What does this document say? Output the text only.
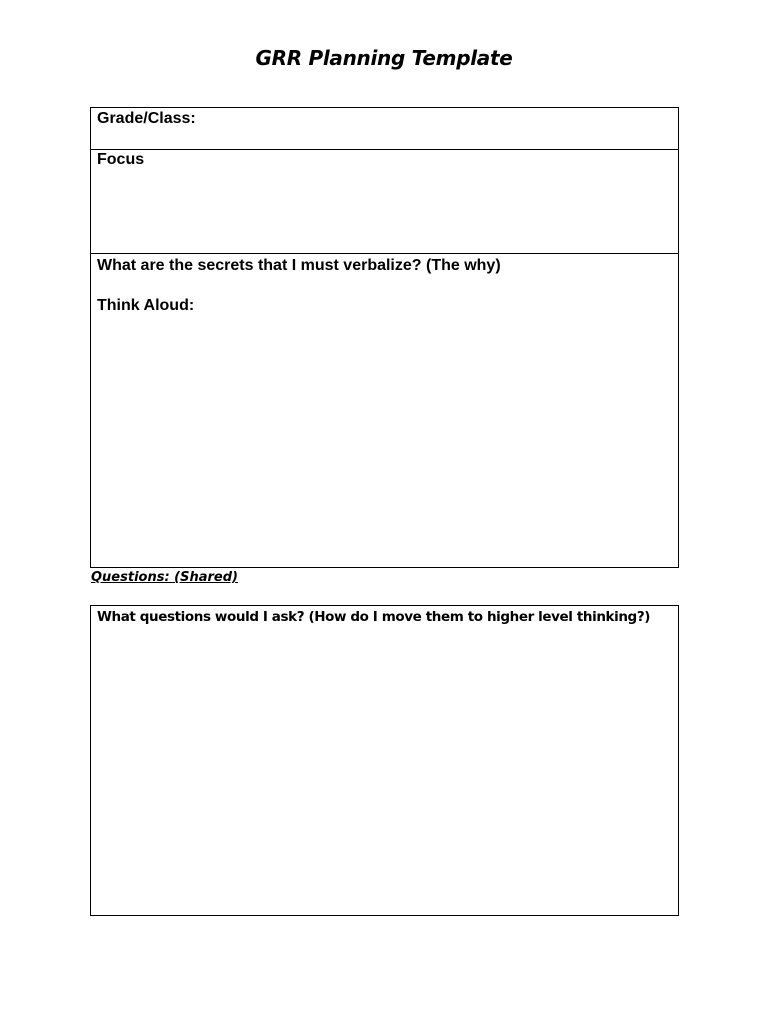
GRR Planning Template
Grade/Class:
Focus
What are the secrets that I must verbalize? (The why)
Think Aloud:
Questions: (Shared)
What questions would I ask? (How do I move them to higher level thinking?)
